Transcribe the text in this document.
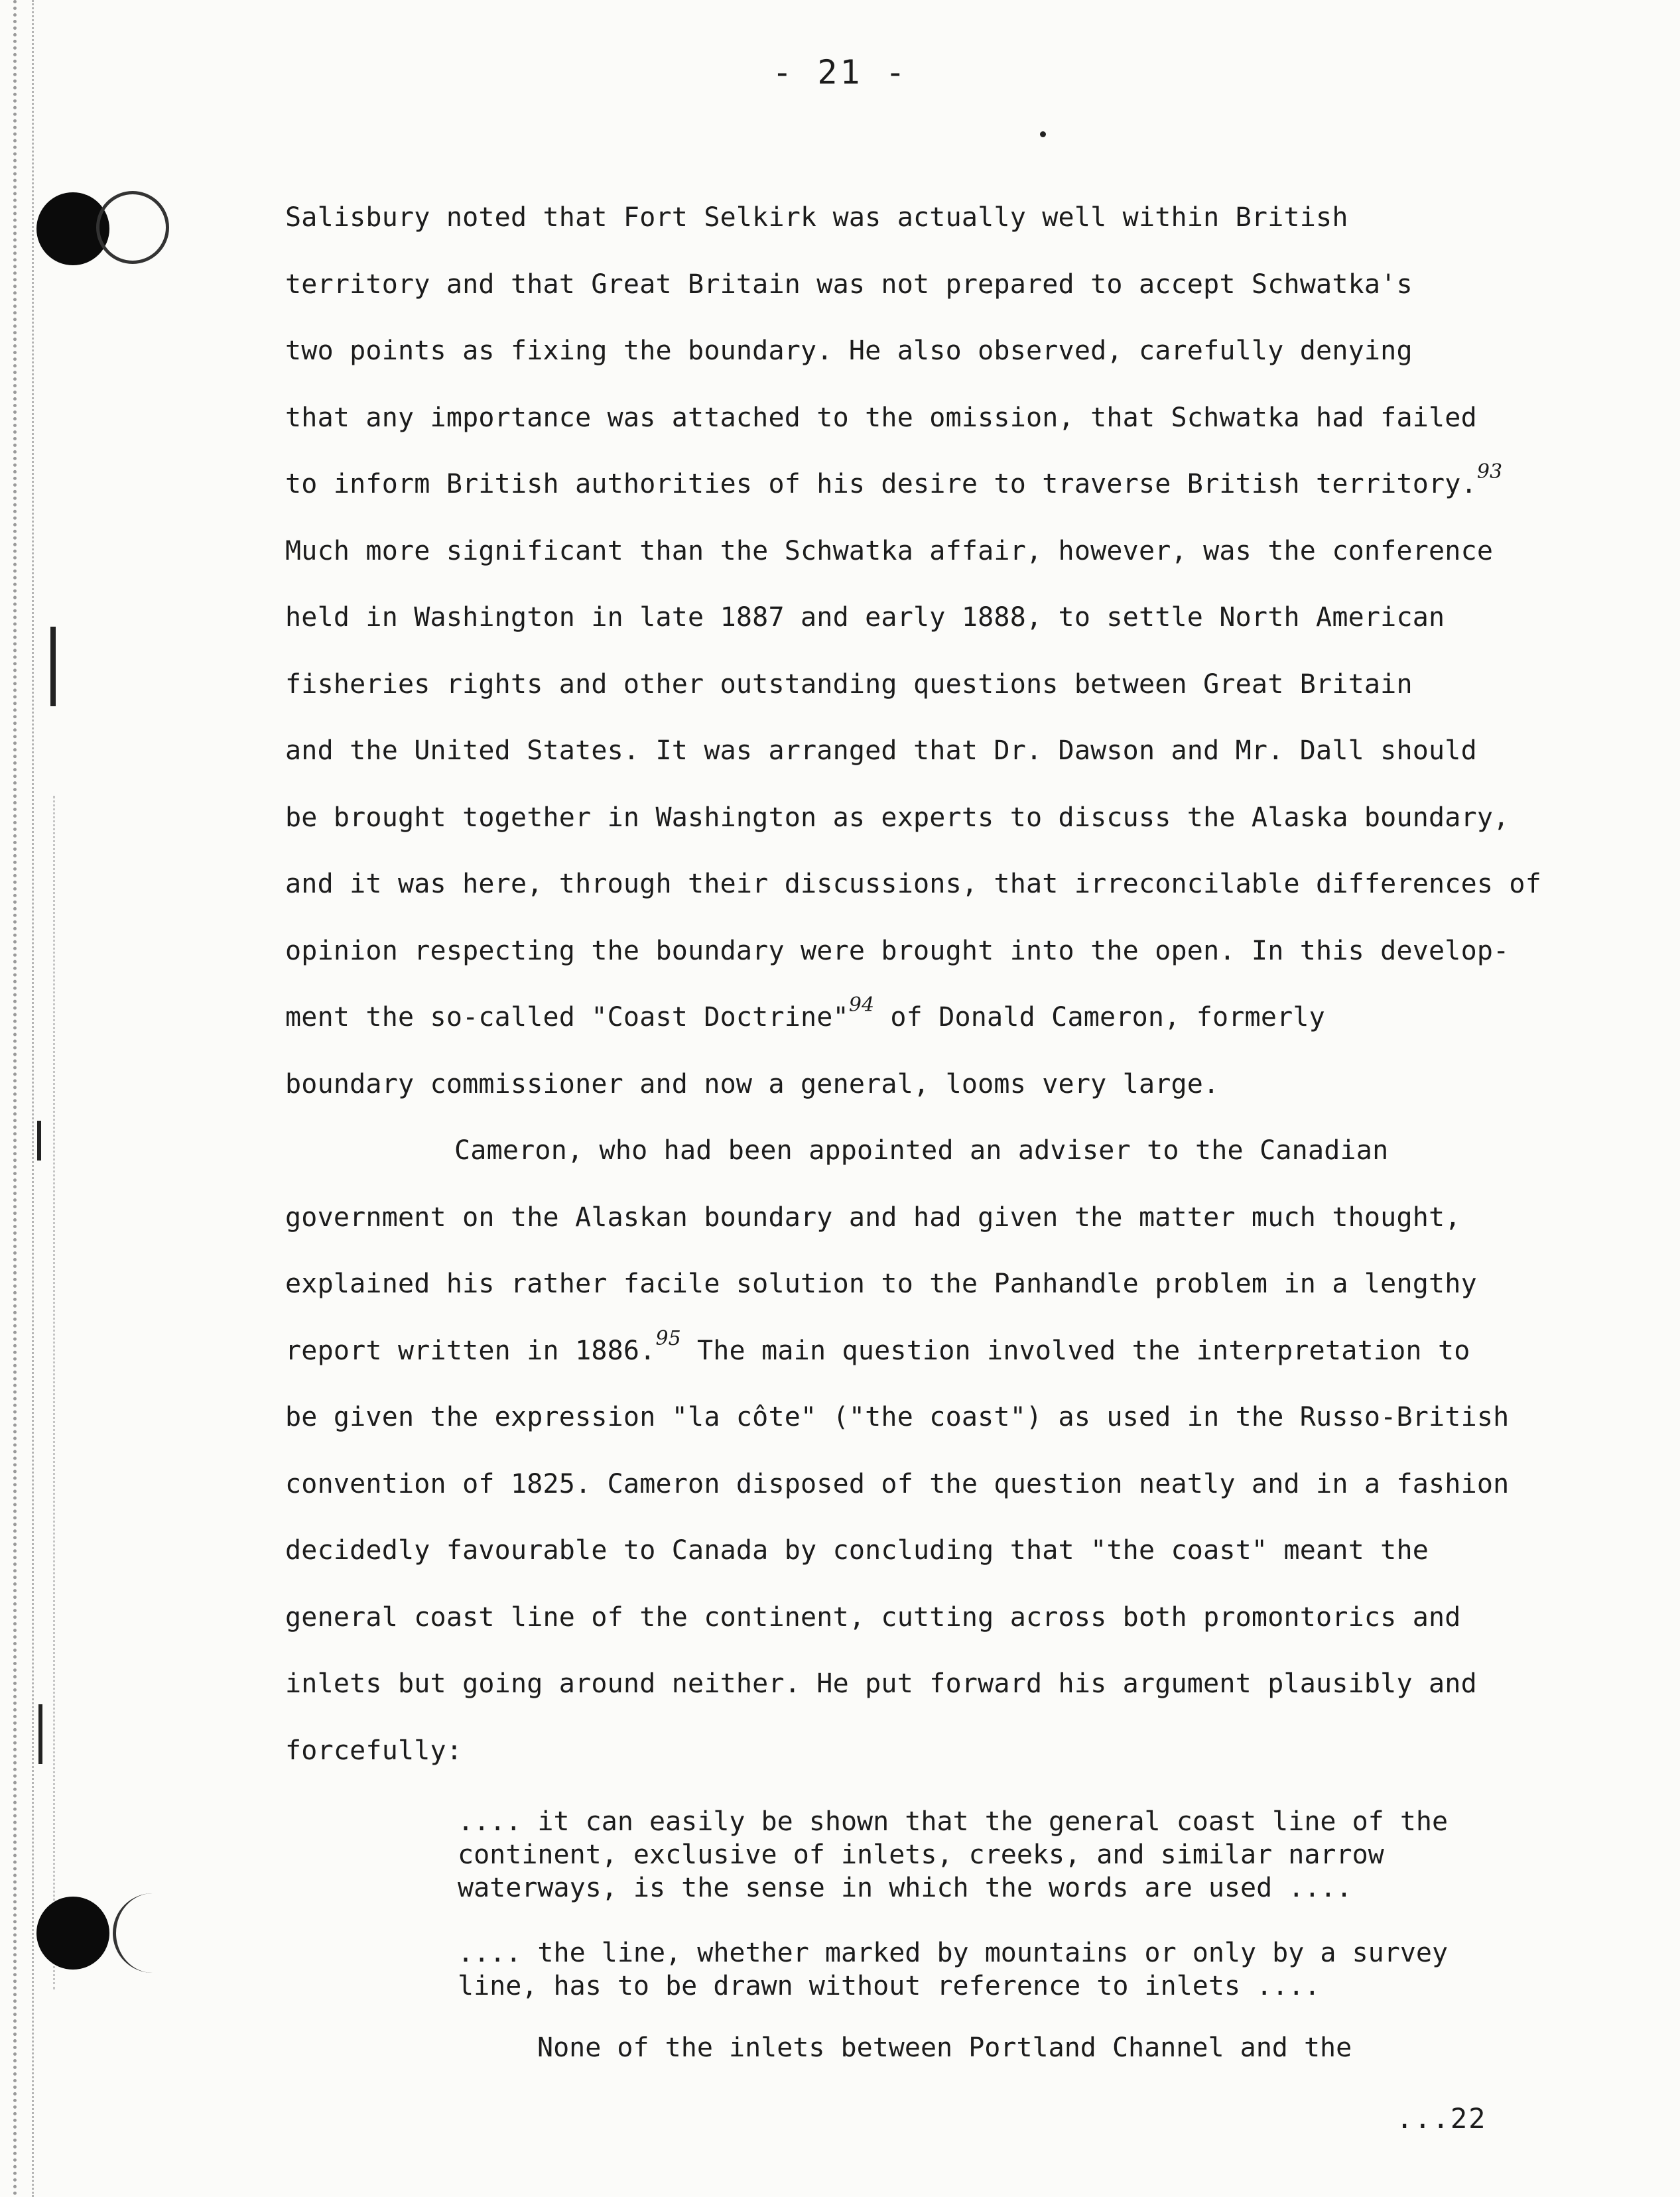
- 21 -
Salisbury noted that Fort Selkirk was actually well within British
territory and that Great Britain was not prepared to accept Schwatka's
two points as fixing the boundary. He also observed, carefully denying
that any importance was attached to the omission, that Schwatka had failed
to inform British authorities of his desire to traverse British territory.$^{93}$
Much more significant than the Schwatka affair, however, was the conference
held in Washington in late 1887 and early 1888, to settle North American
fisheries rights and other outstanding questions between Great Britain
and the United States. It was arranged that Dr. Dawson and Mr. Dall should
be brought together in Washington as experts to discuss the Alaska boundary,
and it was here, through their discussions, that irreconcilable differences of
opinion respecting the boundary were brought into the open. In this develop-
ment the so-called "Coast Doctrine"$^{94}$ of Donald Cameron, formerly
boundary commissioner and now a general, looms very large.
Cameron, who had been appointed an adviser to the Canadian
government on the Alaskan boundary and had given the matter much thought,
explained his rather facile solution to the Panhandle problem in a lengthy
report written in 1886.95 The main question involved the interpretation to
be given the expression "la côte" ("the coast") as used in the Russo-British
convention of 1825. Cameron disposed of the question neatly and in a fashion
decidedly favourable to Canada by concluding that "the coast" meant the
general coast line of the continent, cutting across both promontorics and
inlets but going around neither. He put forward his argument plausibly and
forcefully:
.... it can easily be shown that the general coast line of the
continent, exclusive of inlets, creeks, and similar narrow
waterways, is the sense in which the words are used ....
.... the line, whether marked by mountains or only by a survey
line, has to be drawn without reference to inlets ....
None of the inlets between Portland Channel and the
...22
